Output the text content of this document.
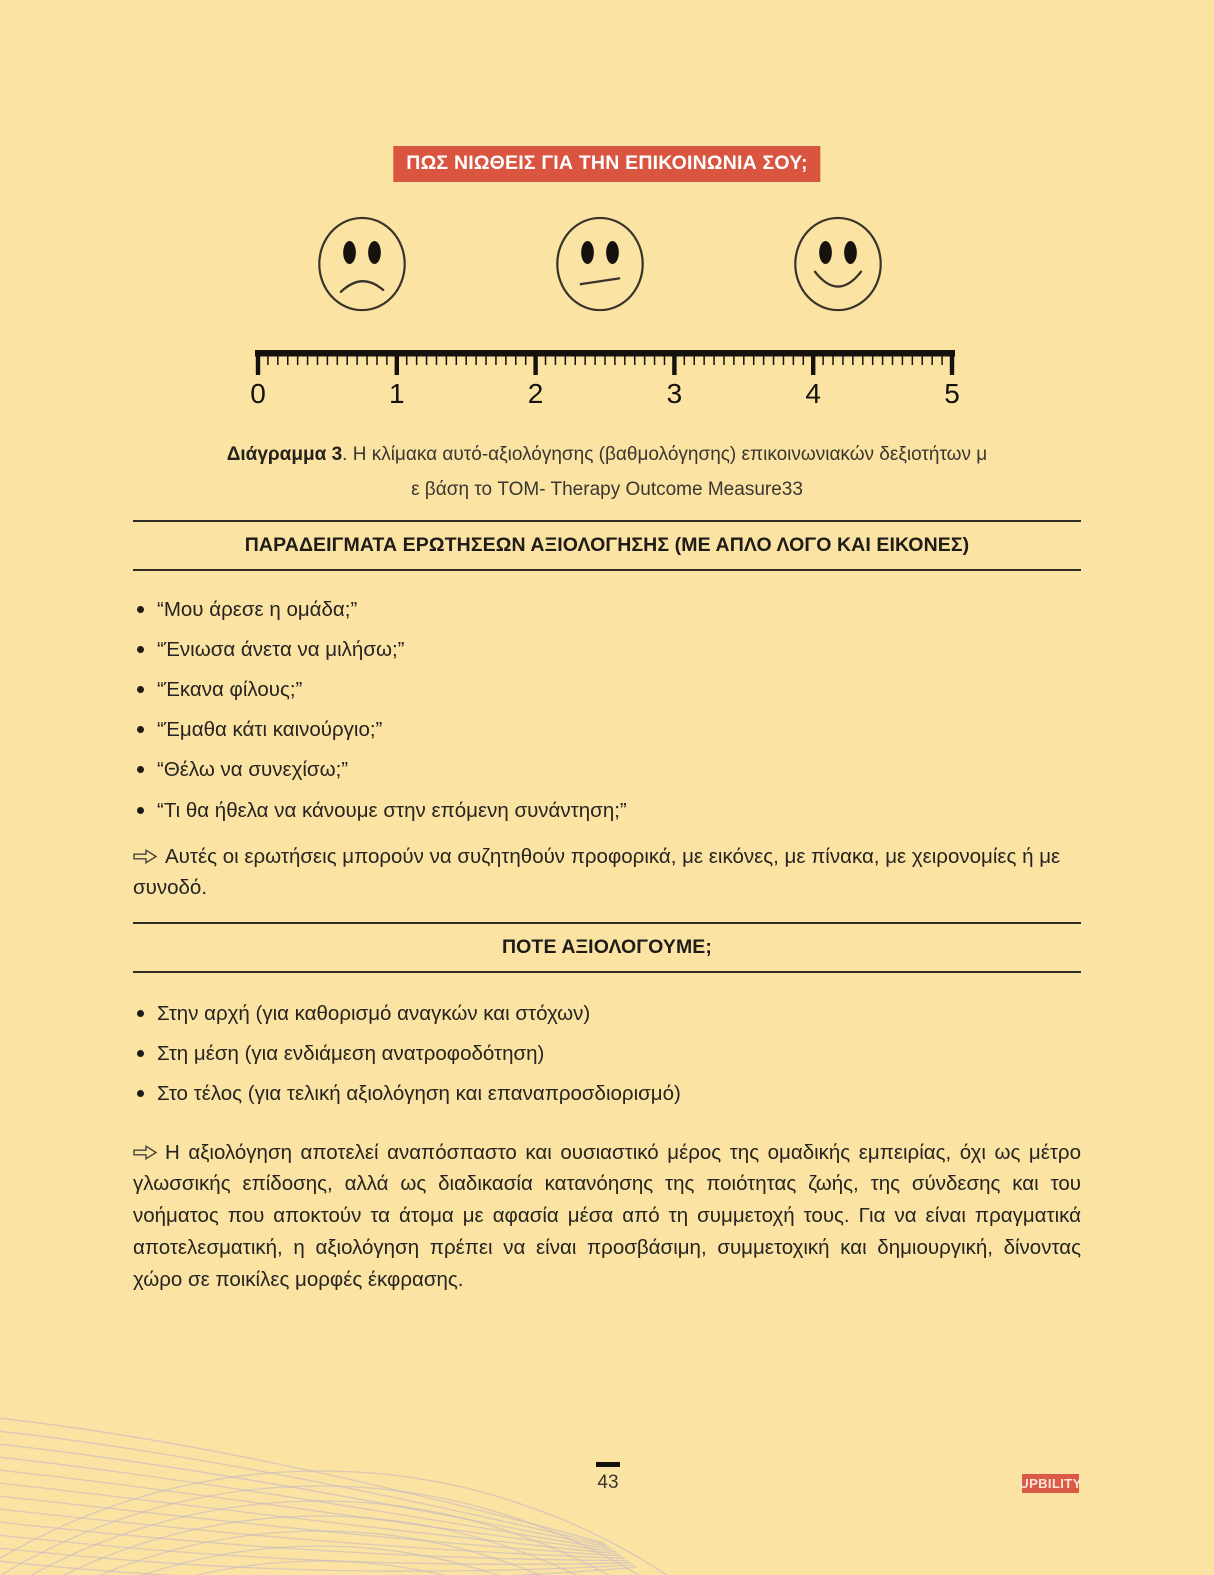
ΠΩΣ ΝΙΩΘΕΙΣ ΓΙΑ ΤΗΝ ΕΠΙΚΟΙΝΩΝΙΑ ΣΟΥ;
0	1	2	3	4	5
Διάγραμμα 3. Η κλίμακα αυτό-αξιολόγησης (βαθμολόγησης) επικοινωνιακών δεξιοτήτων μ
ε βάση το TOM- Therapy Outcome Measure33
ΠΑΡΑΔΕΙΓΜΑΤΑ ΕΡΩΤΗΣΕΩΝ ΑΞΙΟΛΟΓΗΣΗΣ (ΜΕ ΑΠΛΟ ΛΟΓΟ ΚΑΙ ΕΙΚΟΝΕΣ)
“Μου άρεσε η ομάδα;”
“Ένιωσα άνετα να μιλήσω;”
“Έκανα φίλους;”
“Έμαθα κάτι καινούργιο;”
“Θέλω να συνεχίσω;”
“Τι θα ήθελα να κάνουμε στην επόμενη συνάντηση;”

Αυτές οι ερωτήσεις μπορούν να συζητηθούν προφορικά, με εικόνες, με πίνακα, με χειρονομίες ή με συνοδό.

ΠΟΤΕ ΑΞΙΟΛΟΓΟΥΜΕ;
Στην αρχή (για καθορισμό αναγκών και στόχων)
Στη μέση (για ενδιάμεση ανατροφοδότηση)
Στο τέλος (για τελική αξιολόγηση και επαναπροσδιορισμό)

Η αξιολόγηση αποτελεί αναπόσπαστο και ουσιαστικό μέρος της ομαδικής εμπειρίας, όχι ως μέτρο γλωσσικής επίδοσης, αλλά ως διαδικασία κατανόησης της ποιότητας ζωής, της σύνδεσης και του νοήματος που αποκτούν τα άτομα με αφασία μέσα από τη συμμετοχή τους. Για να είναι πραγματικά αποτελεσματική, η αξιολόγηση πρέπει να είναι προσβάσιμη, συμμετοχική και δημιουργική, δίνοντας χώρο σε ποικίλες μορφές έκφρασης.

43	UPBILITY
